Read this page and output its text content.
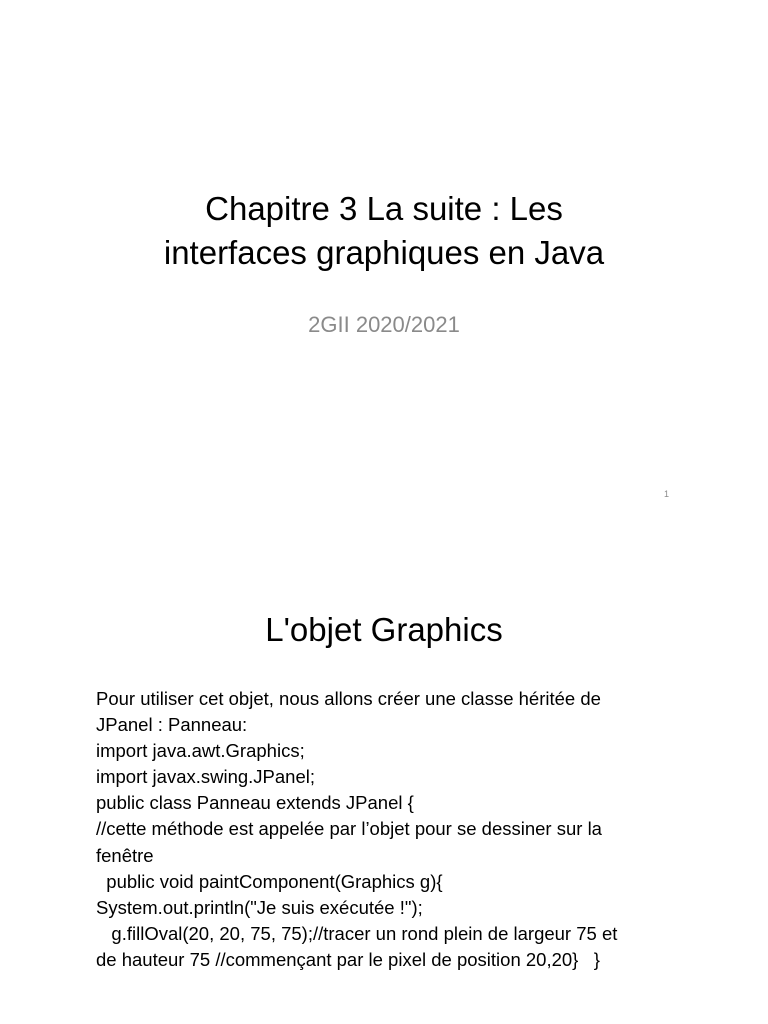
Chapitre 3 La suite : Les
interfaces graphiques en Java
2GII 2020/2021
1
L'objet Graphics
Pour utiliser cet objet, nous allons créer une classe héritée de
JPanel : Panneau:
import java.awt.Graphics;
import javax.swing.JPanel;
public class Panneau extends JPanel {
//cette méthode est appelée par l’objet pour se dessiner sur la
fenêtre
public void paintComponent(Graphics g){
System.out.println("Je suis exécutée !");
g.fillOval(20, 20, 75, 75);//tracer un rond plein de largeur 75 et
de hauteur 75 //commençant par le pixel de position 20,20}   }
